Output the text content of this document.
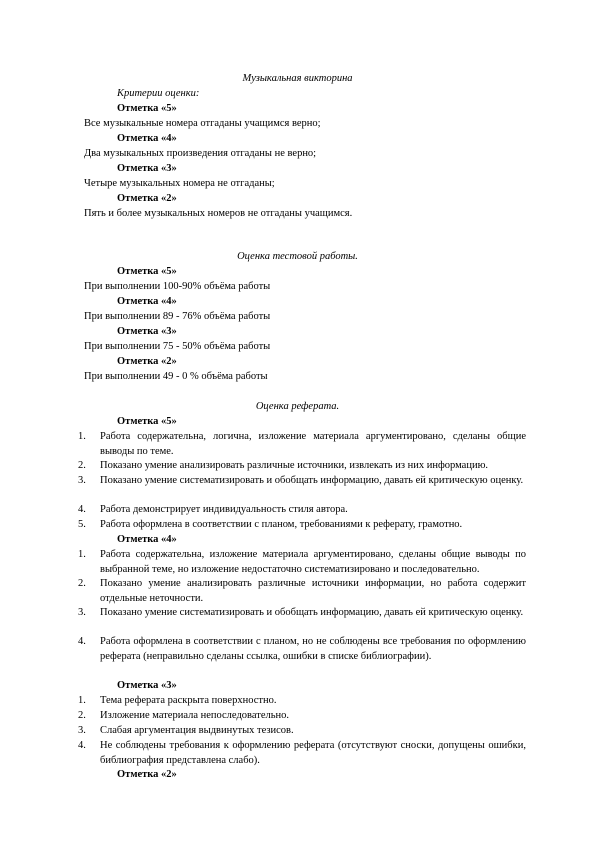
Музыкальная викторина
Критерии оценки:
Отметка «5»
Все музыкальные номера отгаданы учащимся верно;
Отметка «4»
Два музыкальных произведения отгаданы не верно;
Отметка «3»
Четыре музыкальных номера не отгаданы;
Отметка «2»
Пять и более музыкальных номеров не отгаданы учащимся.
Оценка тестовой работы.
Отметка «5»
При выполнении 100-90% объёма работы
Отметка «4»
При выполнении 89 - 76% объёма работы
Отметка «3»
При выполнении 75 - 50% объёма работы
Отметка «2»
При выполнении 49 - 0 % объёма работы
Оценка реферата.
Отметка «5»
1. Работа содержательна, логична, изложение материала аргументировано, сделаны общие выводы по теме.
2. Показано умение анализировать различные источники, извлекать из них информацию.
3. Показано умение систематизировать и обобщать информацию, давать ей критическую оценку.
4. Работа демонстрирует индивидуальность стиля автора.
5. Работа оформлена в соответствии с планом, требованиями к реферату, грамотно.
Отметка «4»
1. Работа содержательна, изложение материала аргументировано, сделаны общие выводы по выбранной теме, но изложение недостаточно систематизировано и последовательно.
2. Показано умение анализировать различные источники информации, но работа содержит отдельные неточности.
3. Показано умение систематизировать и обобщать информацию, давать ей критическую оценку.
4. Работа оформлена в соответствии с планом, но не соблюдены все требования по оформлению реферата (неправильно сделаны ссылка, ошибки в списке библиографии).
Отметка «3»
1. Тема реферата раскрыта поверхностно.
2. Изложение материала непоследовательно.
3. Слабая аргументация выдвинутых тезисов.
4. Не соблюдены требования к оформлению реферата (отсутствуют сноски, допущены ошибки, библиография представлена слабо).
Отметка «2»
